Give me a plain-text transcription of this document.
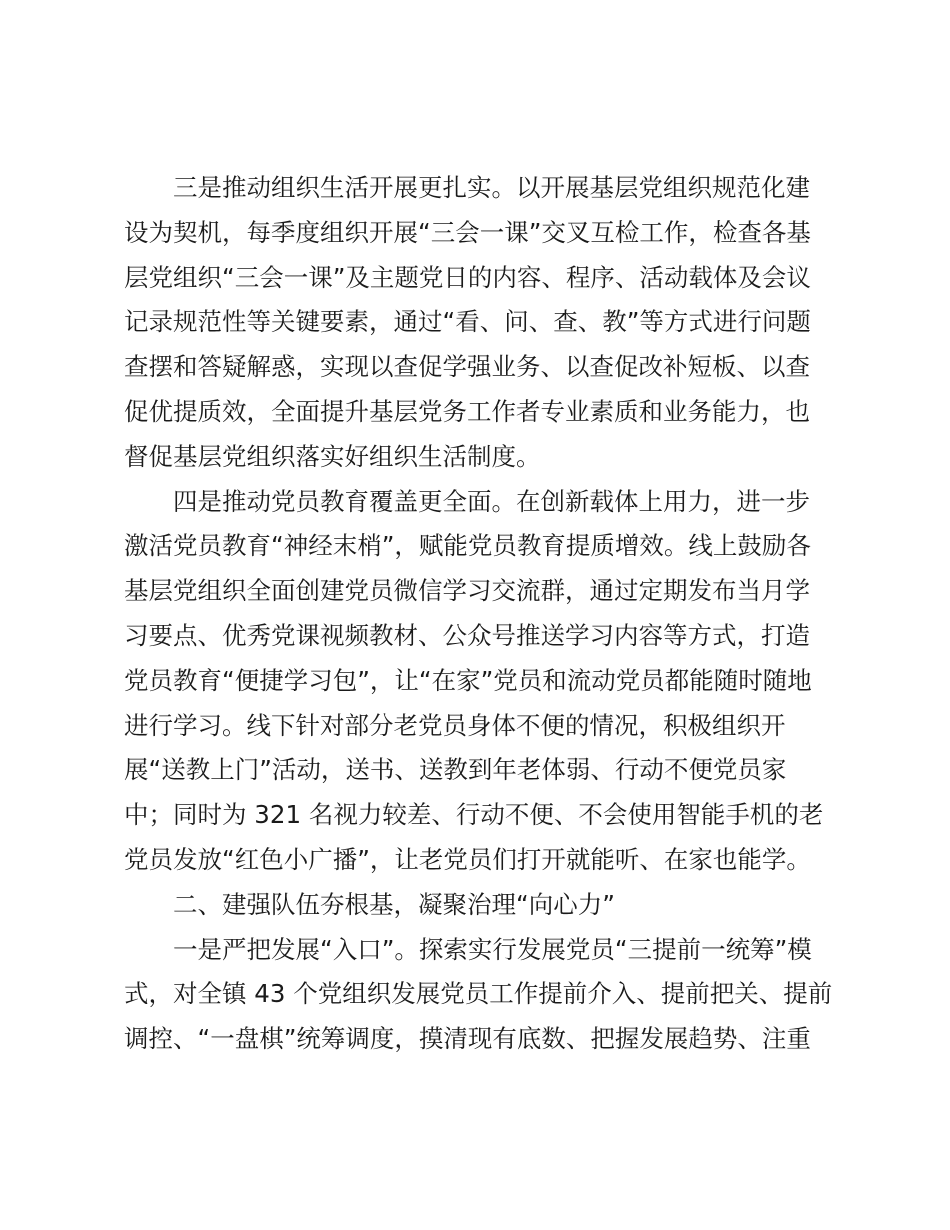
三是推动组织生活开展更扎实。以开展基层党组织规范化建
设为契机，每季度组织开展“三会一课”交叉互检工作，检查各基
层党组织“三会一课”及主题党日的内容、程序、活动载体及会议
记录规范性等关键要素，通过“看、问、查、教”等方式进行问题
查摆和答疑解惑，实现以查促学强业务、以查促改补短板、以查
促优提质效，全面提升基层党务工作者专业素质和业务能力，也
督促基层党组织落实好组织生活制度。
四是推动党员教育覆盖更全面。在创新载体上用力，进一步
激活党员教育“神经末梢”，赋能党员教育提质增效。线上鼓励各
基层党组织全面创建党员微信学习交流群，通过定期发布当月学
习要点、优秀党课视频教材、公众号推送学习内容等方式，打造
党员教育“便捷学习包”，让“在家”党员和流动党员都能随时随地
进行学习。线下针对部分老党员身体不便的情况，积极组织开
展“送教上门”活动，送书、送教到年老体弱、行动不便党员家
中；同时为 321 名视力较差、行动不便、不会使用智能手机的老
党员发放“红色小广播”，让老党员们打开就能听、在家也能学。
二、建强队伍夯根基，凝聚治理“向心力”
一是严把发展“入口”。探索实行发展党员“三提前一统筹”模
式，对全镇 43 个党组织发展党员工作提前介入、提前把关、提前
调控、“一盘棋”统筹调度，摸清现有底数、把握发展趋势、注重
